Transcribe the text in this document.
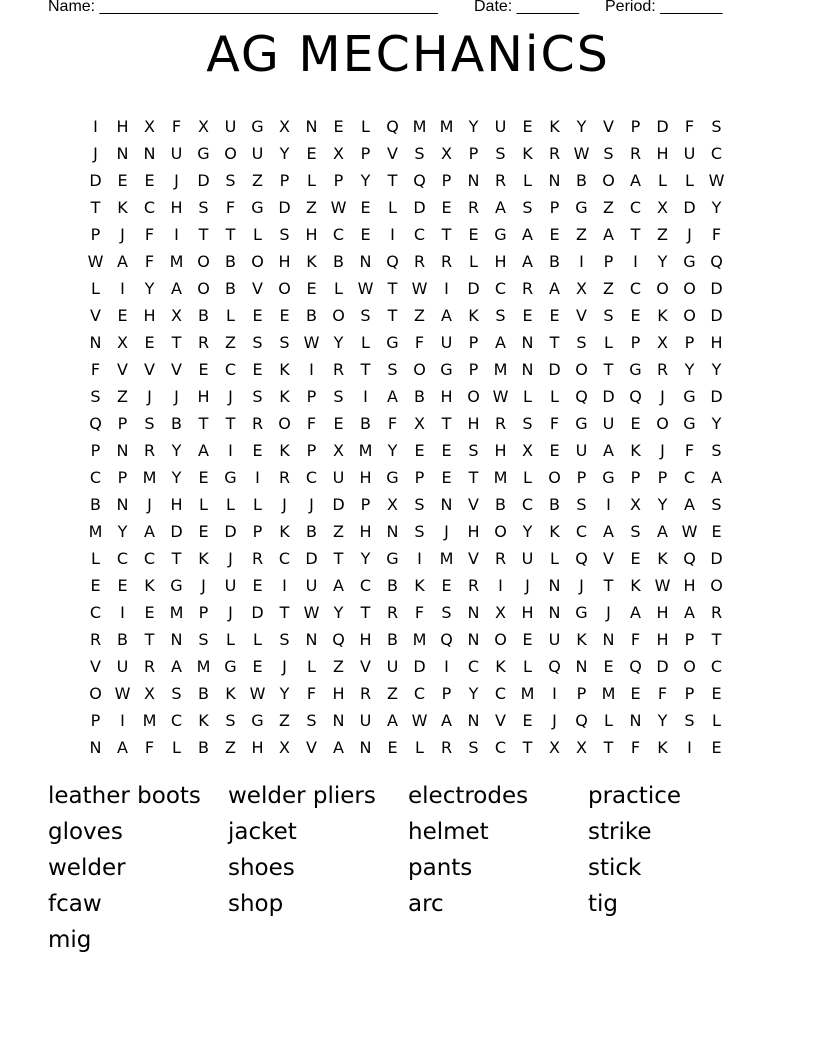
Name: ______________________________________ Date: _______ Period: _______
AG MECHANiCS
I	H X	F	X U G X N E	L	Q M M Y	U	E	K	Y	V	P	D	F	S
J	N N U G O U	Y	E	X	P	V	S	X	P	S	K	R W S	R H U C
D E	E	J	D S	Z	P	L	P	Y	T Q P	N R	L	N B O A	L	L W
T	K	C H S	F	G D Z W E	L	D E	R A	S	P G Z C X D Y
P	J	F	I	T	T	L	S H C	E	I	C	T	E G A	E	Z	A	T	Z	J	F
W A	F M O B O H K	B N Q R R	L	H A	B	I	P	I	Y G Q
L	I	Y	A O B	V O E	L W T W	I	D C R A	X	Z C O O D
V	E H X	B	L	E	E	B O S	T	Z	A	K	S	E	E	V	S	E	K O D
N X	E	T	R Z	S	S W Y	L	G	F	U	P	A N	T	S	L	P	X	P	H
F	V	V	V	E	C	E	K	I	R	T	S O G P M N D O T G R	Y	Y
S	Z	J	J	H	J	S	K	P	S	I	A	B H O W L	L	Q D Q	J	G D
Q P	S	B	T	T	R O	F	E	B	F	X	T	H R	S	F	G U	E O G Y
P	N R	Y	A	I	E	K	P	X M Y	E	E	S H X	E	U A	K	J	F	S
C	P M Y	E G	I	R C U H G P	E	T M L	O P G P	P	C A
B N	J	H	L	L	L	J	J	D	P	X	S N V	B C B	S	I	X	Y	A	S
M Y	A D E D	P	K	B	Z H N S	J	H O Y	K	C A	S	A W E
L	C C	T	K	J	R C D T	Y G	I	M V R U	L	Q V	E	K Q D
E	E	K G	J	U	E	I	U A C B	K	E	R	I	J	N	J	T	K W H O
C	I	E M P	J	D T W Y	T	R	F	S N X H N G	J	A H A R
R B	T	N S	L	L	S N Q H B M Q N O E	U K N	F	H	P	T
V U R A M G E	J	L	Z	V U D	I	C	K	L	Q N E Q D O C
O W X	S	B	K W Y	F	H R Z C	P	Y	C M	I	P M E	F	P	E
P	I	M C	K	S G Z	S N U A W A N V	E	J	Q	L	N	Y	S	L
N A	F	L	B	Z H X	V	A N E	L	R	S	C	T	X	X	T	F	K	I	E
leather boots	welder pliers	electrodes	practice
gloves	jacket	helmet	strike
welder	shoes	pants	stick
fcaw	shop	arc	tig
mig
